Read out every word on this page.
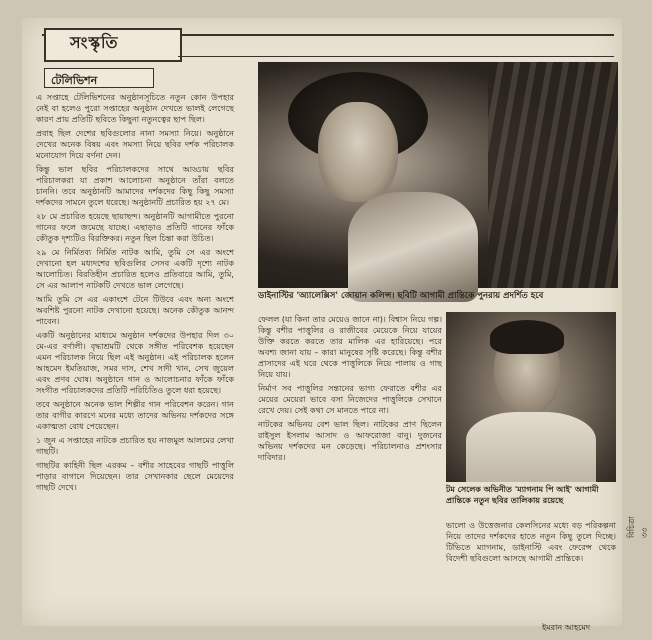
সংস্কৃতি
টেলিভিশন

এ সপ্তাহে টেলিভিশনের অনুষ্ঠানসূচিতে নতুন কোন উপহার নেই বা হলেও পুরো সপ্তাহের অনুষ্ঠান দেখতে ভালই লেগেছে কারণ প্রায় প্রতিটি ছবিতে কিছুনা নতুনত্বের ছাপ ছিল।

প্রবাহ ছিল দেশের ছবিগুলোর নানা সমস্যা নিয়ে। অনুষ্ঠানে দেখের অনেক বিষয় এবং সমস্যা নিয়ে ছবির দর্শক পরিচালক মনোযোগ দিয়ে বর্ণনা দেন।

কিন্তু ভাল ছবির পরিচালকদের সাথে আড্ডায় ছবির পরিচালকরা যা প্রকাশ আলোচনা অনুষ্ঠানে তাঁরা বলতে চাননি। তবে অনুষ্ঠানটি আমাদের দর্শকদের কিছু কিছু সমস্যা দর্শকদের সামনে তুলে ধরেছে। অনুষ্ঠানটি প্রচারিত হয় ২৭ মে।

২৮ মে প্রচারিত হয়েছে ছায়াছন্দ। অনুষ্ঠানটি আগামীতে পুরনো গানের ফলে জমেছে যাচ্ছে। এছাড়াও প্রতিটি গানের ফাঁকে কৌতুক দৃশ্যটিও বিরক্তিকর। নতুন ছিল চিন্তা করা উচিত।

২৯ মে নির্মিতব্য নির্মিত নাটক আমি, তুমি সে এর অংশে দেখানো হল মধ্যদশের ছবিগুলির সেসব একটি দৃশ্যে নাটক আলোচিত। বিরতিহীন প্রচারিত হলেও প্রতিবারে আমি, তুমি, সে এর আলাপ নাটকটি দেখতে ভাল লেগেছে।

আমি তুমি সে এর একাংশে টেনে টিউবে এবং অন্য অংশে অবশিষ্ট পুরনো নাটক দেখানো হয়েছে। অনেক কৌতুক আনন্দ পাবেন।

একটি অনুষ্ঠানের মাধ্যমে অনুষ্ঠান দর্শকদের উপহার দিল ৩০ মে-এর বর্ণালী। বৃদ্ধাশ্রমটি থেকে সঙ্গীত পরিবেশক হয়েছেন এমন পরিচালক নিয়ে ছিল এই অনুষ্ঠান। এই পরিচালক হলেন আহমেদ ইমতিয়াজ, সমর দাস, শেখ সাদী খান, সেখ জুয়েল এবং প্রণব ঘোষ। অনুষ্ঠানে গান ও আলোচনার ফাঁকে ফাঁকে সংগীত পরিচালকদের প্রতিটি পরিচিতিও তুলে ধরা হয়েছে।

তবে অনুষ্ঠানে অনেক ভাল শিল্পীর গান পরিবেশন করেন। গান তার বাগীর কারণে মনের মধ্যে তাদের অভিনয় দর্শকদের সঙ্গে একাত্মতা বোধ পেয়েছেন।

১ জুন এ সপ্তাহের নাটকে প্রচারিত হয় নাজমুল আলমের লেখা গাছটি।

গাছটির কাহিনী ছিল এরকম – বশীর সাহেবের গাছটি পাত্তুলি পাড়ার বাগানে দিয়েছেন। তার সেখানকার ছেলে মেয়েদের গাছটি দেখে।

ডাইনাস্টির 'অ্যালেক্সিস' জোয়ান কলিন্স। ছবিটি আগামী প্রান্তিকে পুনরায় প্রদর্শিত হবে

ফেলল (যা কিনা তার মেয়েও জানে না)। বিশ্বাস নিয়ে গল্প। কিন্তু বশীর পাত্তুলির ও রাজীবের মেয়েকে নিয়ে যায়ের উক্তি করতে করতে তার মালিক এর হারিয়েছে। পরে অবশ্য জানা যায় – কারা মানুষের সৃষ্টি করেছে। কিন্তু বশীর প্রাসাদের এই ঘরে থেকে পাত্তুলিকে নিয়ে পালায় ও গাছ নিয়ে যায়।

নির্মাণ সব পাত্তুলির সন্তানের ভাগ্য ফেরাতে বশীর এর মেয়ের মেয়েরা ভাবে বসা নিজেদের পাত্তুলিকে সেখানে রেখে দেয়। সেই কথা সে মানতে পারে না।

নাটকের অভিনয় বেশ ভাল ছিল। নাটকের প্রাণ ছিলেন রাইসুল ইসলাম আসাদ ও আফরোজা বানু। দুজনের অভিনয় দর্শকদের মন কেড়েছে। পরিচালনাও প্রশংসার দাবিদার।

টম সেলেক অভিনীত 'ম্যাগনাম পি আই' আগামী প্রান্তিকে নতুন ছবির তালিকায় রয়েছে

ভালো ও উত্তেজনার কেলসিনের মধ্যে বড় পরিকল্পনা নিয়ে তাদের দর্শকদের হাতে নতুন কিছু তুলে দিচ্ছে। টিভিতে ম্যাগনাম, ডাইনাস্টি এবং ফেরেন্স থেকে বিদেশী ছবিগুলো আসছে আগামী প্রান্তিকে।

বিচিত্রা ৩৩
ইমরান আহমেদ
